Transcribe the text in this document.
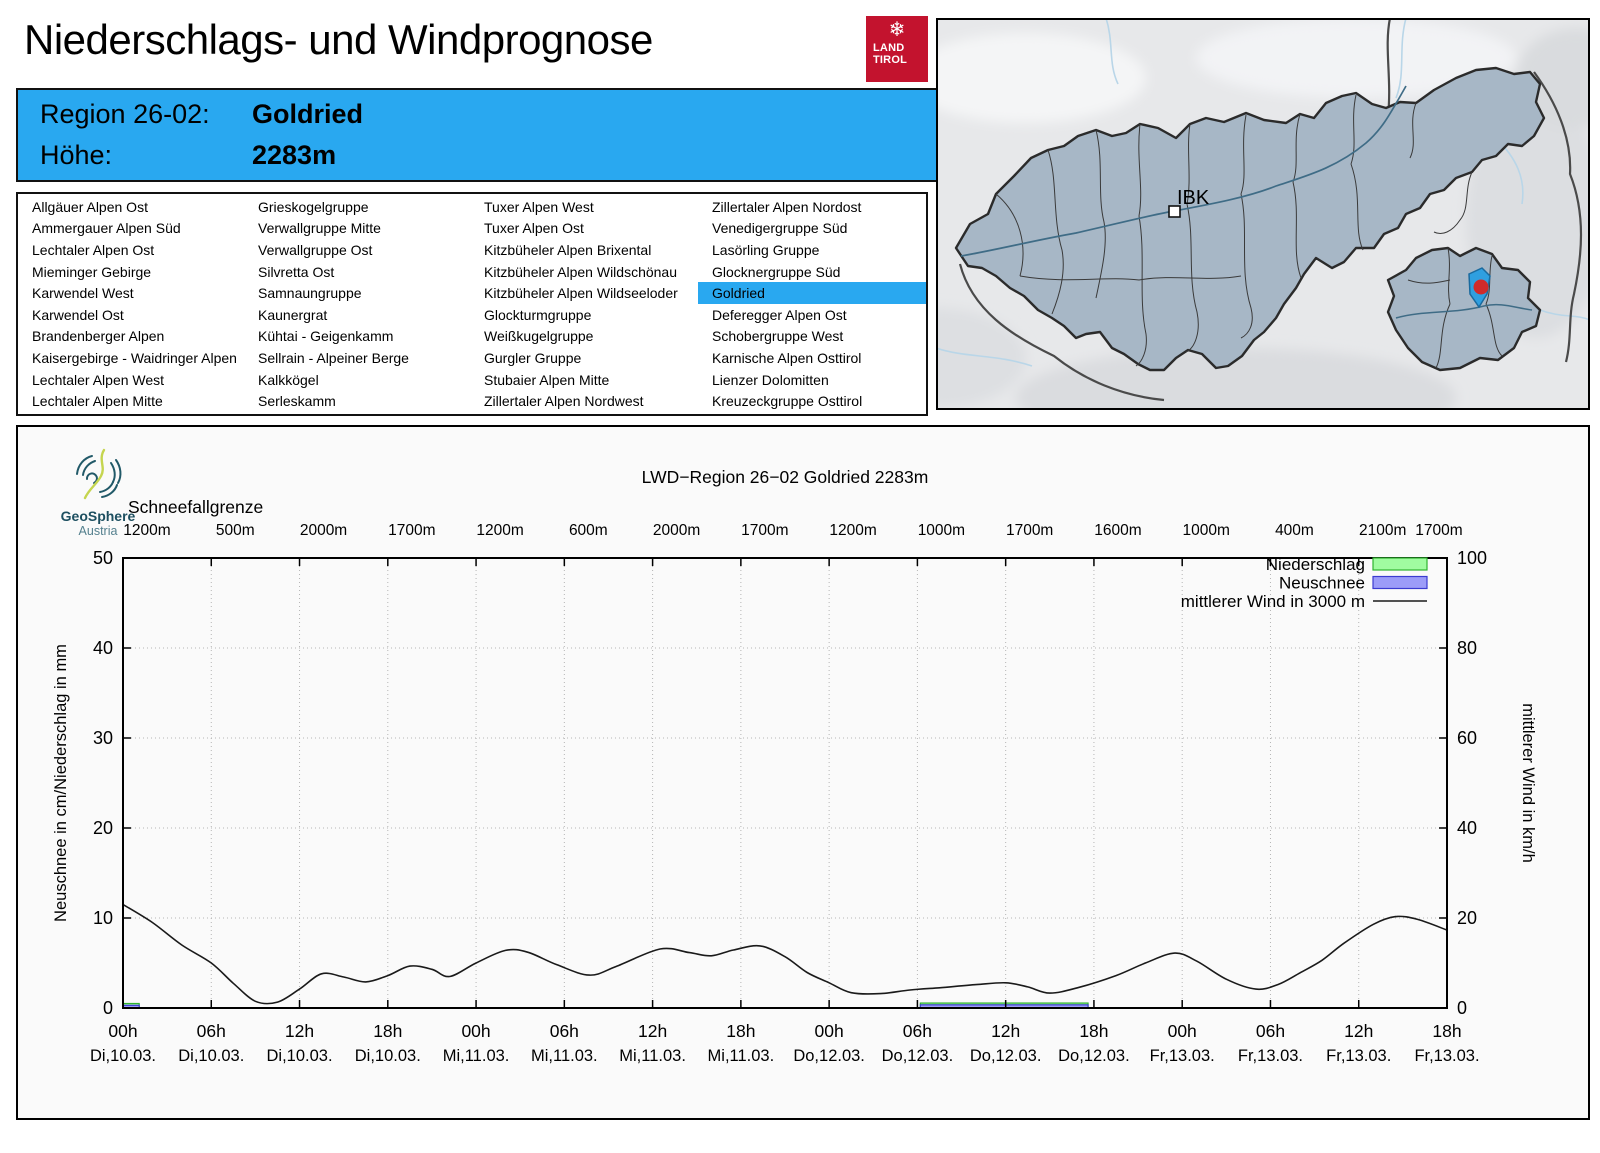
Niederschlags- und Windprognose	❄
LAND
TIROL
Region 26-02:	Goldried
Höhe:	2283m
Allgäuer Alpen Ost
Ammergauer Alpen Süd
Lechtaler Alpen Ost
Mieminger Gebirge
Karwendel West
Karwendel Ost
Brandenberger Alpen
Kaisergebirge - Waidringer Alpen
Lechtaler Alpen West
Lechtaler Alpen Mitte
Grieskogelgruppe
Verwallgruppe Mitte
Verwallgruppe Ost
Silvretta Ost
Samnaungruppe
Kaunergrat
Kühtai - Geigenkamm
Sellrain - Alpeiner Berge
Kalkkögel
Serleskamm
Tuxer Alpen West
Tuxer Alpen Ost
Kitzbüheler Alpen Brixental
Kitzbüheler Alpen Wildschönau
Kitzbüheler Alpen Wildseeloder
Glockturmgruppe
Weißkugelgruppe
Gurgler Gruppe
Stubaier Alpen Mitte
Zillertaler Alpen Nordwest
Zillertaler Alpen Nordost
Venedigergruppe Süd
Lasörling Gruppe
Glocknergruppe Süd
Goldried
Deferegger Alpen Ost
Schobergruppe West
Karnische Alpen Osttirol
Lienzer Dolomitten
Kreuzeckgruppe Osttirol
IBK
LWD−Region 26−02 Goldried 2283m
Schneefallgrenze
1200m	500m	2000m	1700m	1200m	600m	2000m	1700m	1200m	1000m	1700m	1600m	1000m	400m	2100m 1700m
0
10
20
30
40
50
0
20
40
60
80
100
00h
Di,10.03.
06h
Di,10.03.
12h
Di,10.03.
18h
Di,10.03.
00h
Mi,11.03.
06h
Mi,11.03.
12h
Mi,11.03.
18h
Mi,11.03.
00h
Do,12.03.
06h
Do,12.03.
12h
Do,12.03.
18h
Do,12.03.
00h
Fr,13.03.
06h
Fr,13.03.
12h
Fr,13.03.
18h
Fr,13.03.
Neuschnee in cm/Niederschlag in mm	mittlerer Wind in km/h
Niederschlag
Neuschnee
mittlerer Wind in 3000 m
GeoSphere
Austria
